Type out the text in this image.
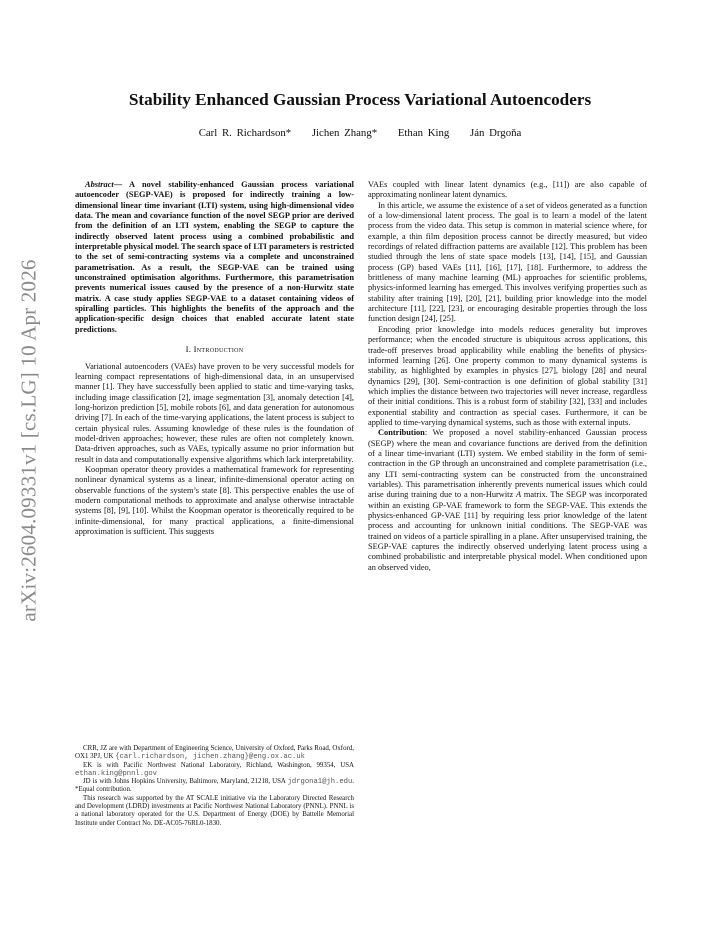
arXiv:2604.09331v1 [cs.LG] 10 Apr 2026
Stability Enhanced Gaussian Process Variational Autoencoders
Carl R. Richardson* Jichen Zhang* Ethan King Ján Drgoňa

Abstract— A novel stability-enhanced Gaussian process variational autoencoder (SEGP-VAE) is proposed for indirectly training a low-dimensional linear time invariant (LTI) system, using high-dimensional video data. The mean and covariance function of the novel SEGP prior are derived from the definition of an LTI system, enabling the SEGP to capture the indirectly observed latent process using a combined probabilistic and interpretable physical model. The search space of LTI parameters is restricted to the set of semi-contracting systems via a complete and unconstrained parametrisation. As a result, the SEGP-VAE can be trained using unconstrained optimisation algorithms. Furthermore, this parametrisation prevents numerical issues caused by the presence of a non-Hurwitz state matrix. A case study applies SEGP-VAE to a dataset containing videos of spiralling particles. This highlights the benefits of the approach and the application-specific design choices that enabled accurate latent state predictions.

I. Introduction

Variational autoencoders (VAEs) have proven to be very successful models for learning compact representations of high-dimensional data, in an unsupervised manner [1]. They have successfully been applied to static and time-varying tasks, including image classification [2], image segmentation [3], anomaly detection [4], long-horizon prediction [5], mobile robots [6], and data generation for autonomous driving [7]. In each of the time-varying applications, the latent process is subject to certain physical rules. Assuming knowledge of these rules is the foundation of model-driven approaches; however, these rules are often not completely known. Data-driven approaches, such as VAEs, typically assume no prior information but result in data and computationally expensive algorithms which lack interpretability.

Koopman operator theory provides a mathematical framework for representing nonlinear dynamical systems as a linear, infinite-dimensional operator acting on observable functions of the system’s state [8]. This perspective enables the use of modern computational methods to approximate and analyse otherwise intractable systems [8], [9], [10]. Whilst the Koopman operator is theoretically required to be infinite-dimensional, for many practical applications, a finite-dimensional approximation is sufficient. This suggests

VAEs coupled with linear latent dynamics (e.g., [11]) are also capable of approximating nonlinear latent dynamics.

In this article, we assume the existence of a set of videos generated as a function of a low-dimensional latent process. The goal is to learn a model of the latent process from the video data. This setup is common in material science where, for example, a thin film deposition process cannot be directly measured, but video recordings of related diffraction patterns are available [12]. This problem has been studied through the lens of state space models [13], [14], [15], and Gaussian process (GP) based VAEs [11], [16], [17], [18]. Furthermore, to address the brittleness of many machine learning (ML) approaches for scientific problems, physics-informed learning has emerged. This involves verifying properties such as stability after training [19], [20], [21], building prior knowledge into the model architecture [11], [22], [23], or encouraging desirable properties through the loss function design [24], [25].

Encoding prior knowledge into models reduces generality but improves performance; when the encoded structure is ubiquitous across applications, this trade-off preserves broad applicability while enabling the benefits of physics-informed learning [26]. One property common to many dynamical systems is stability, as highlighted by examples in physics [27], biology [28] and neural dynamics [29], [30]. Semi-contraction is one definition of global stability [31] which implies the distance between two trajectories will never increase, regardless of their initial conditions. This is a robust form of stability [32], [33] and includes exponential stability and contraction as special cases. Furthermore, it can be applied to time-varying dynamical systems, such as those with external inputs.

Contribution: We proposed a novel stability-enhanced Gaussian process (SEGP) where the mean and covariance functions are derived from the definition of a linear time-invariant (LTI) system. We embed stability in the form of semi-contraction in the GP through an unconstrained and complete parametrisation (i.e., any LTI semi-contracting system can be constructed from the unconstrained variables). This parametrisation inherently prevents numerical issues which could arise during training due to a non-Hurwitz A matrix. The SEGP was incorporated within an existing GP-VAE framework to form the SEGP-VAE. This extends the physics-enhanced GP-VAE [11] by requiring less prior knowledge of the latent process and accounting for unknown initial conditions. The SEGP-VAE was trained on videos of a particle spiralling in a plane. After unsupervised training, the SEGP-VAE captures the indirectly observed underlying latent process using a combined probabilistic and interpretable physical model. When conditioned upon an observed video,

CRR, JZ are with Department of Engineering Science, University of Oxford, Parks Road, Oxford, OX1 3PJ, UK {carl.richardson, jichen.zhang}@eng.ox.ac.uk

EK is with Pacific Northwest National Laboratory, Richland, Washington, 99354, USA ethan.king@pnnl.gov

JD is with Johns Hopkins University, Baltimore, Maryland, 21218, USA jdrgona1@jh.edu. *Equal contribution.

This research was supported by the AT SCALE initiative via the Laboratory Directed Research and Development (LDRD) investments at Pacific Northwest National Laboratory (PNNL). PNNL is a national laboratory operated for the U.S. Department of Energy (DOE) by Battelle Memorial Institute under Contract No. DE-AC05-76RL0-1830.
